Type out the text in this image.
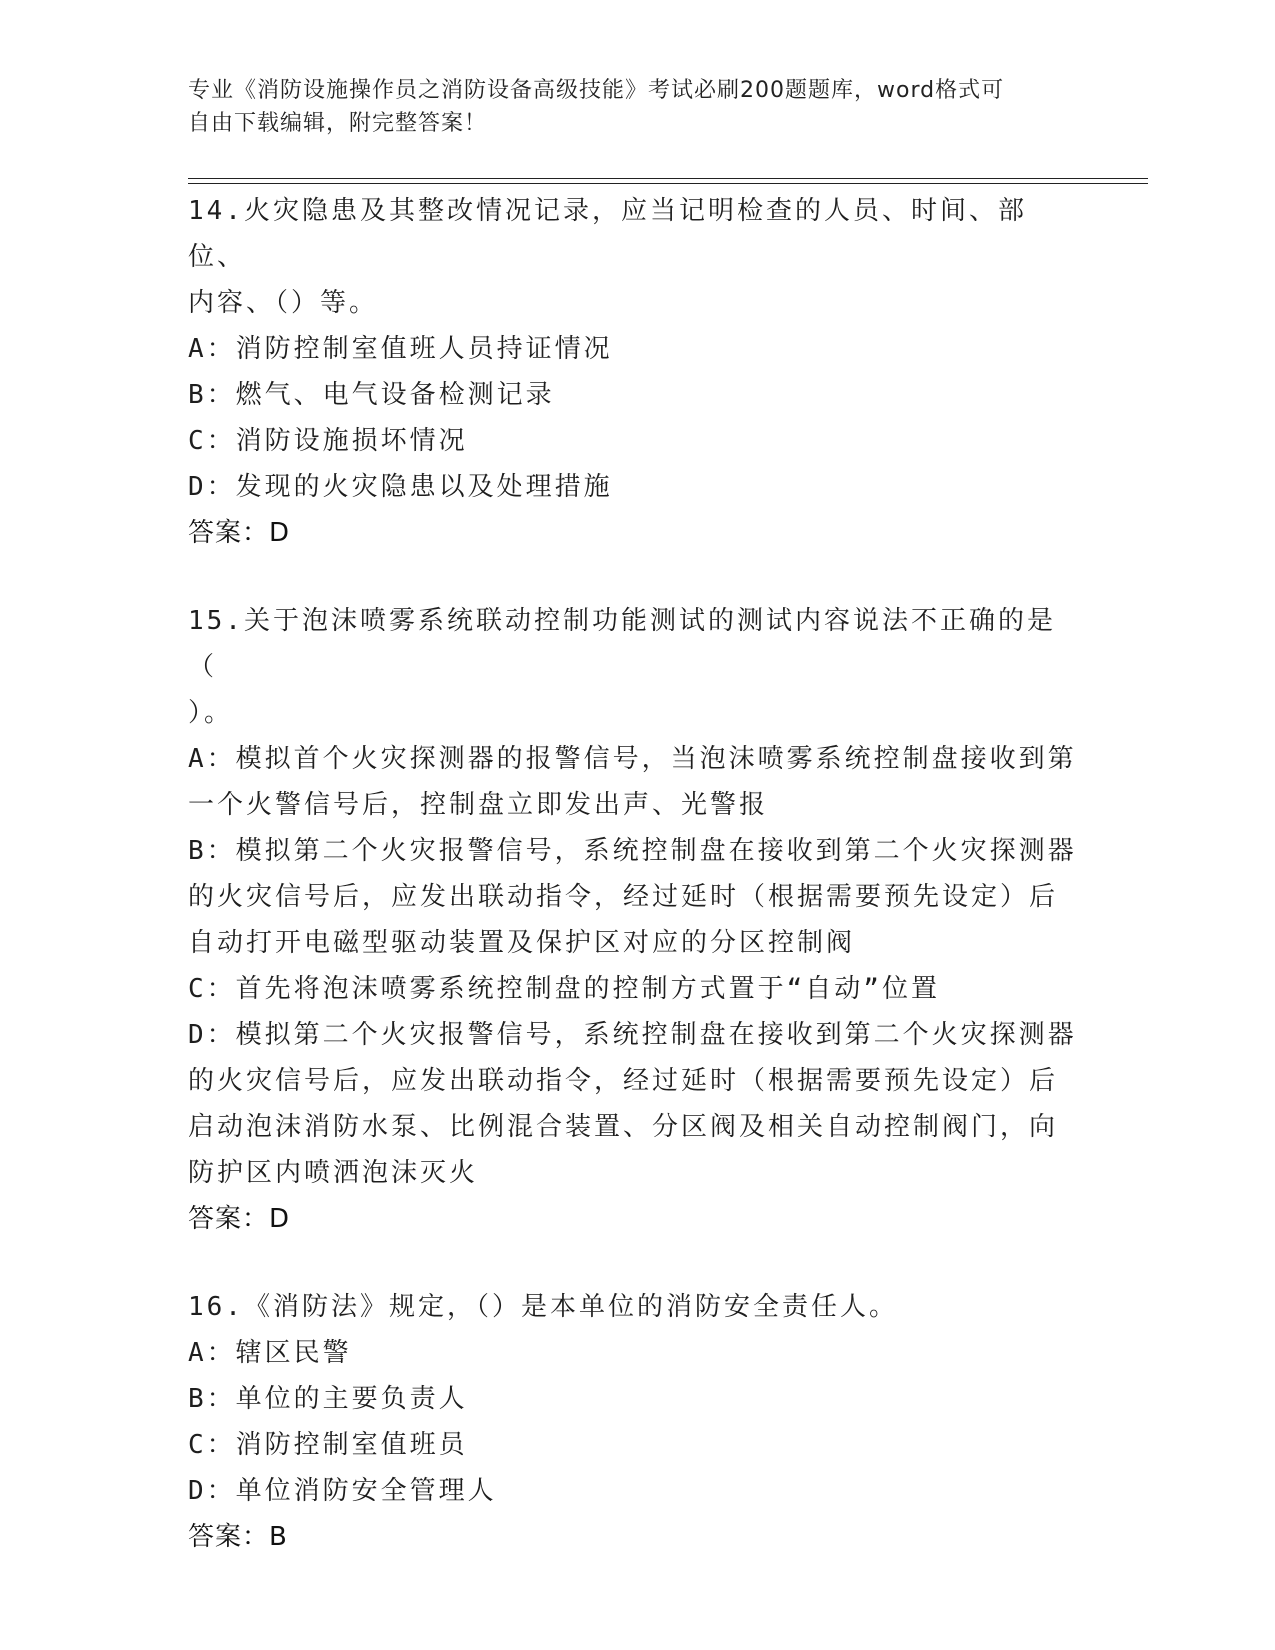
专业《消防设施操作员之消防设备高级技能》考试必刷200题题库，word格式可
自由下载编辑，附完整答案！
14.火灾隐患及其整改情况记录，应当记明检查的人员、时间、部位、
内容、（）等。
A：消防控制室值班人员持证情况
B：燃气、电气设备检测记录
C：消防设施损坏情况
D：发现的火灾隐患以及处理措施
答案：D
15.关于泡沫喷雾系统联动控制功能测试的测试内容说法不正确的是（
）。
A：模拟首个火灾探测器的报警信号，当泡沫喷雾系统控制盘接收到第
一个火警信号后，控制盘立即发出声、光警报
B：模拟第二个火灾报警信号，系统控制盘在接收到第二个火灾探测器
的火灾信号后，应发出联动指令，经过延时（根据需要预先设定）后
自动打开电磁型驱动装置及保护区对应的分区控制阀
C：首先将泡沫喷雾系统控制盘的控制方式置于“自动”位置
D：模拟第二个火灾报警信号，系统控制盘在接收到第二个火灾探测器
的火灾信号后，应发出联动指令，经过延时（根据需要预先设定）后
启动泡沫消防水泵、比例混合装置、分区阀及相关自动控制阀门，向
防护区内喷洒泡沫灭火
答案：D
16.《消防法》规定，（）是本单位的消防安全责任人。
A：辖区民警
B：单位的主要负责人
C：消防控制室值班员
D：单位消防安全管理人
答案：B
